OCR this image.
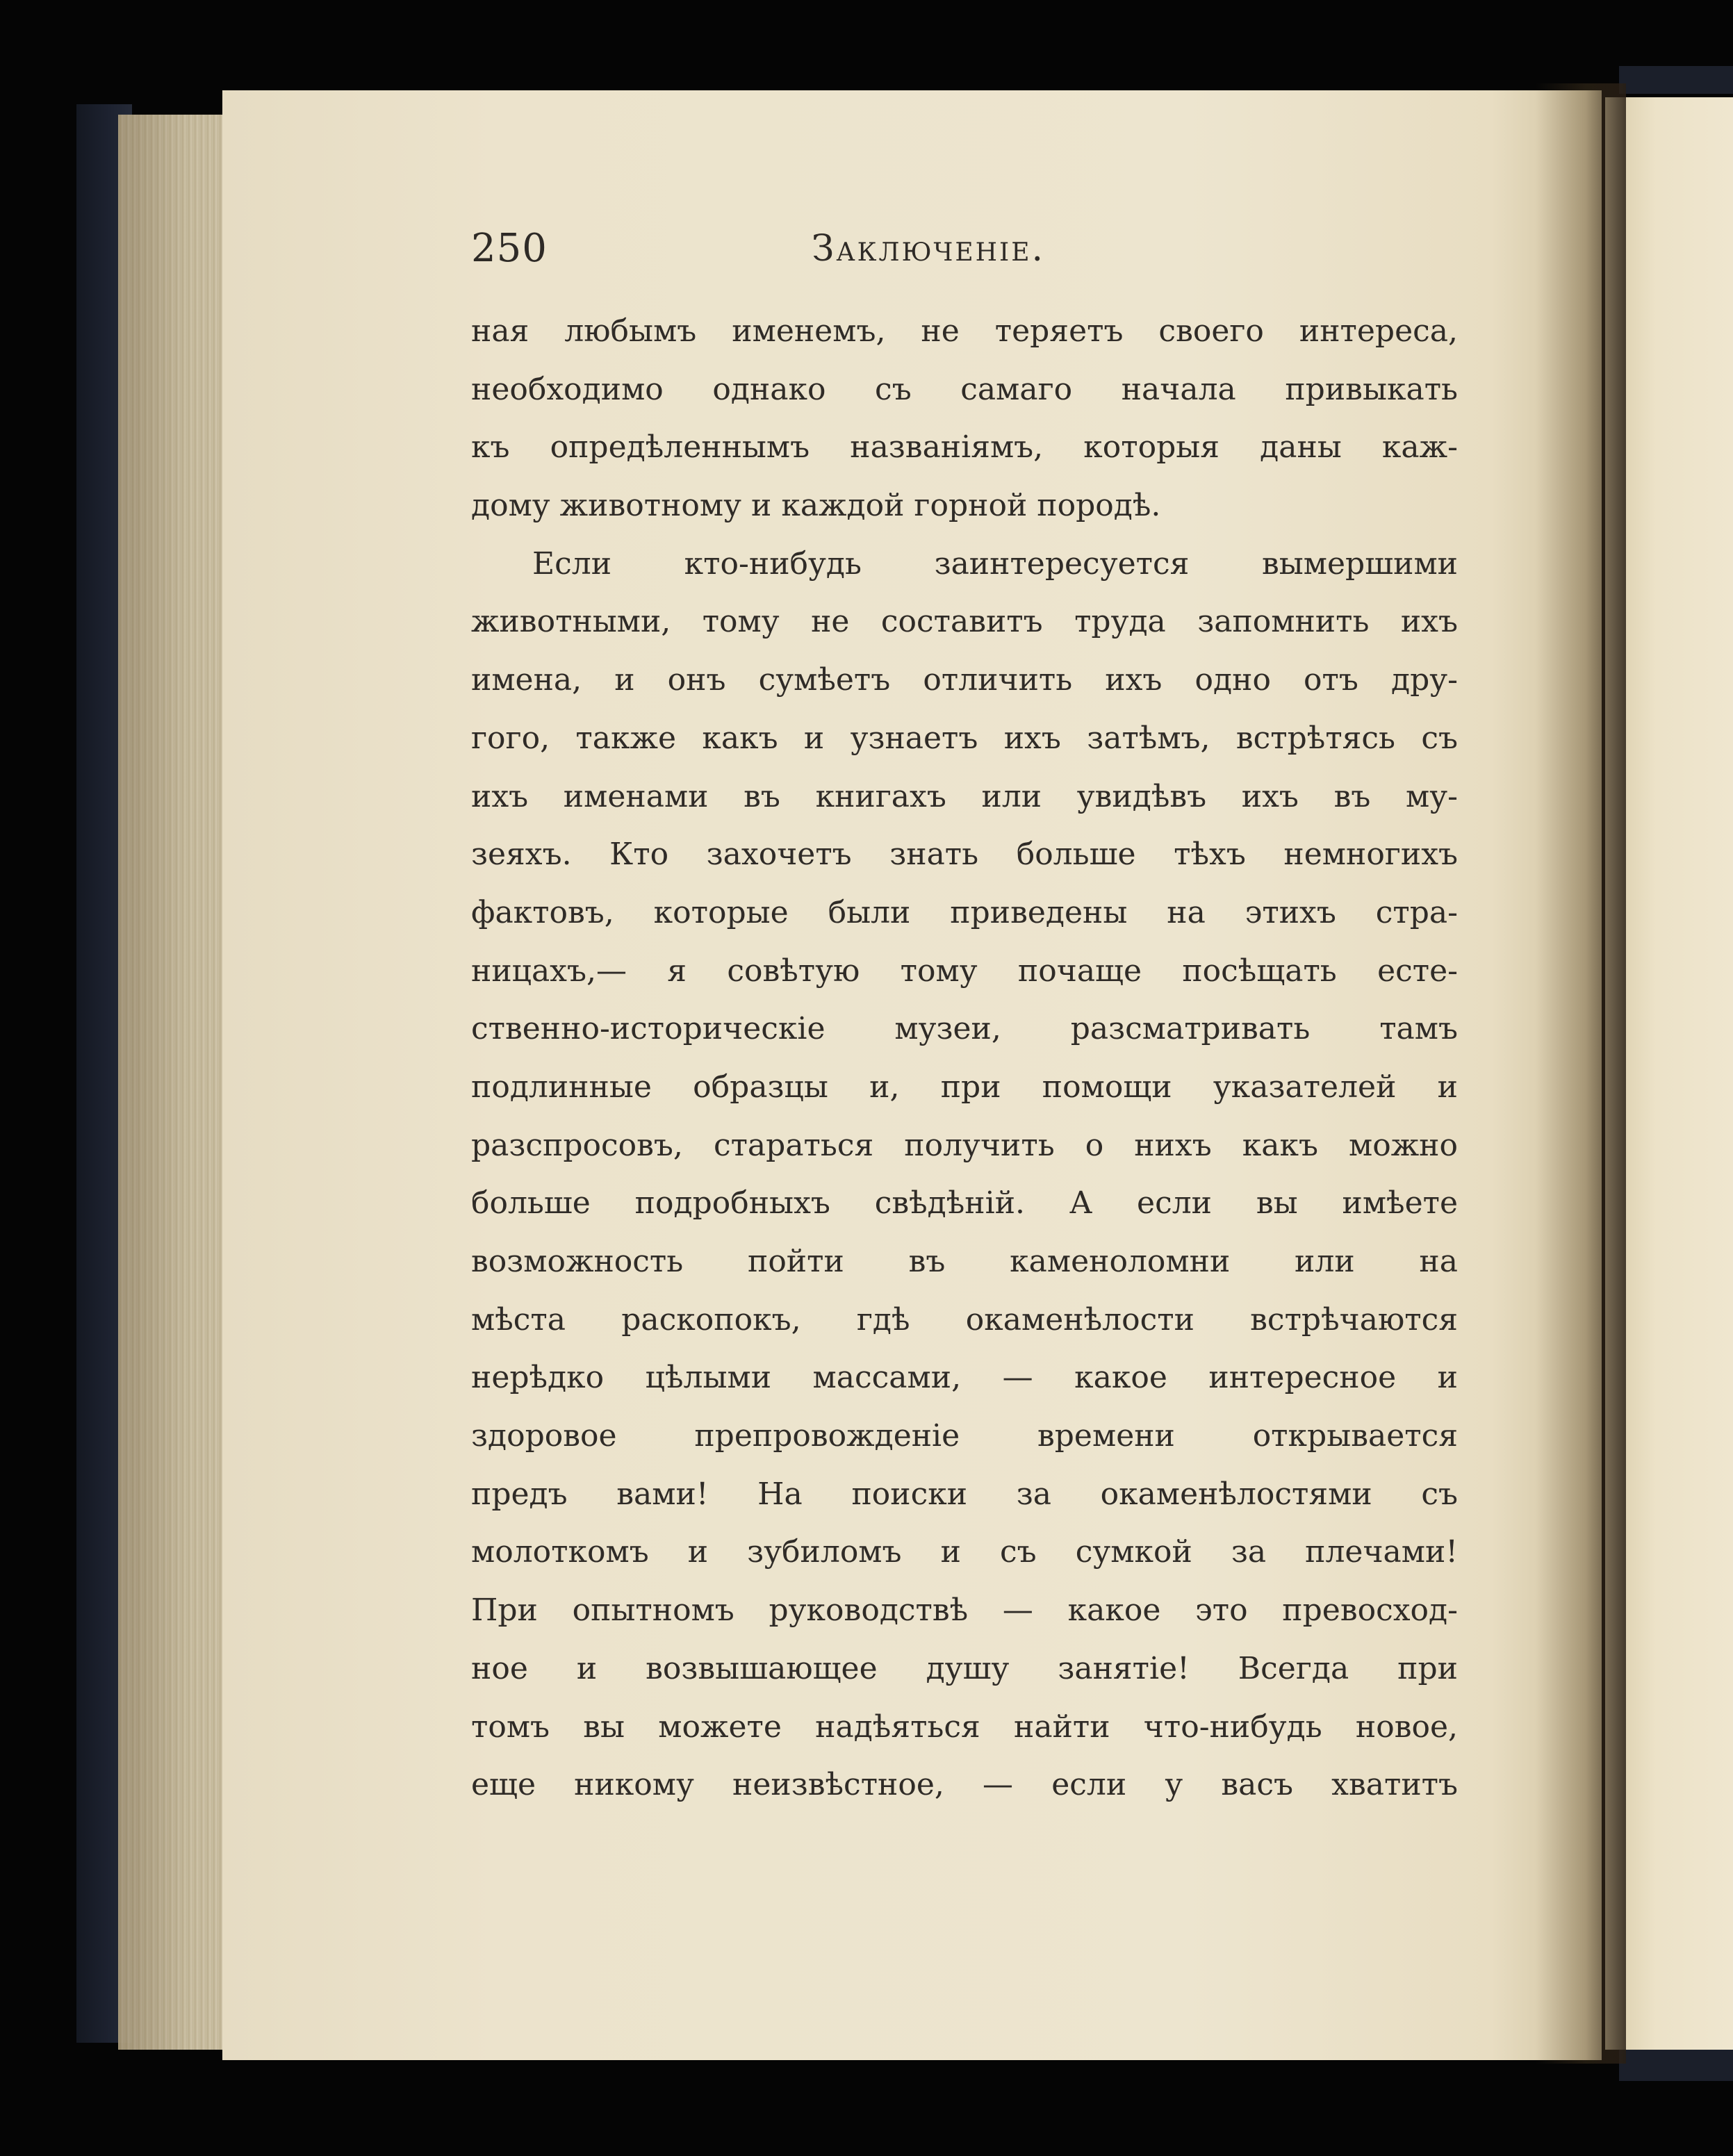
250	Заключеніе.
ная любымъ именемъ, не теряетъ своего интереса,
необходимо однако съ самаго начала привыкать
къ опредѣленнымъ названіямъ, которыя даны каж-
дому животному и каждой горной породѣ.
Если кто-нибудь заинтересуется вымершими
животными, тому не составитъ труда запомнить ихъ
имена, и онъ сумѣетъ отличить ихъ одно отъ дру-
гого, также какъ и узнаетъ ихъ затѣмъ, встрѣтясь съ
ихъ именами въ книгахъ или увидѣвъ ихъ въ му-
зеяхъ. Кто захочетъ знать больше тѣхъ немногихъ
фактовъ, которые были приведены на этихъ стра-
ницахъ,— я совѣтую тому почаще посѣщать есте-
ственно-историческіе музеи, разсматривать тамъ
подлинные образцы и, при помощи указателей и
разспросовъ, стараться получить о нихъ какъ можно
больше подробныхъ свѣдѣній. А если вы имѣете
возможность пойти въ каменоломни или на
мѣста раскопокъ, гдѣ окаменѣлости встрѣчаются
нерѣдко цѣлыми массами, — какое интересное и
здоровое препровожденіе времени открывается
предъ вами! На поиски за окаменѣлостями съ
молоткомъ и зубиломъ и съ сумкой за плечами!
При опытномъ руководствѣ — какое это превосход-
ное и возвышающее душу занятіе! Всегда при
томъ вы можете надѣяться найти что-нибудь новое,
еще никому неизвѣстное, — если у васъ хватитъ
